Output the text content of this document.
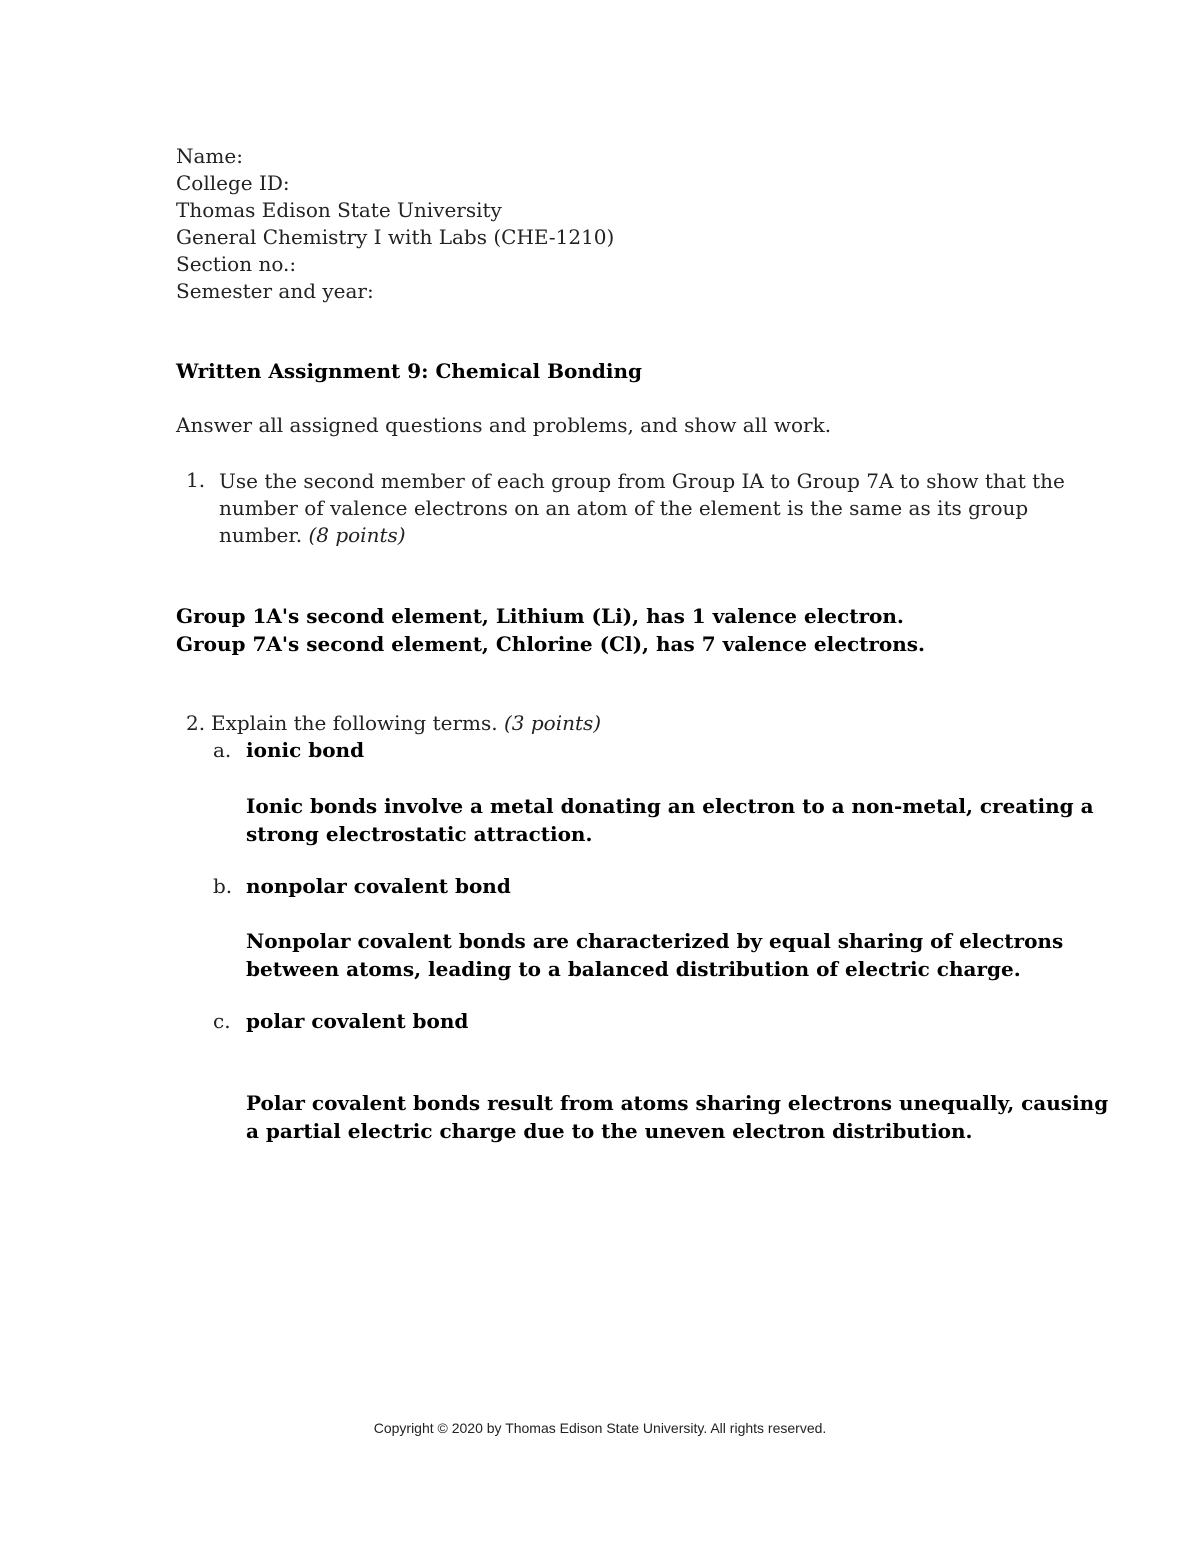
Name:
College ID:
Thomas Edison State University
General Chemistry I with Labs (CHE-1210)
Section no.:
Semester and year:
Written Assignment 9: Chemical Bonding
Answer all assigned questions and problems, and show all work.
1. Use the second member of each group from Group IA to Group 7A to show that the
number of valence electrons on an atom of the element is the same as its group
number. (8 points)
Group 1A's second element, Lithium (Li), has 1 valence electron.
Group 7A's second element, Chlorine (Cl), has 7 valence electrons.
2. Explain the following terms. (3 points)
a. ionic bond
Ionic bonds involve a metal donating an electron to a non-metal, creating a
strong electrostatic attraction.
b. nonpolar covalent bond
Nonpolar covalent bonds are characterized by equal sharing of electrons
between atoms, leading to a balanced distribution of electric charge.
c. polar covalent bond
Polar covalent bonds result from atoms sharing electrons unequally, causing
a partial electric charge due to the uneven electron distribution.
Copyright © 2020 by Thomas Edison State University. All rights reserved.
